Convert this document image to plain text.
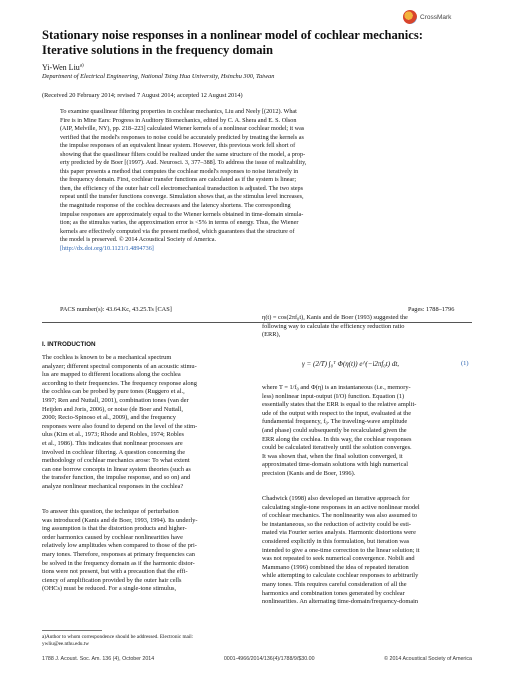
CrossMark
Stationary noise responses in a nonlinear model of cochlear mechanics: Iterative solutions in the frequency domain
Yi-Wen Liu$^{a)}$
Department of Electrical Engineering, National Tsing Hua University, Hsinchu 300, Taiwan
(Received 20 February 2014; revised 7 August 2014; accepted 12 August 2014)
To examine quasilinear filtering properties in cochlear mechanics, Liu and Neely [(2012). What
Fire is in Mine Ears: Progress in Auditory Biomechanics, edited by C. A. Shera and E. S. Olson
(AIP, Melville, NY), pp. 218–223] calculated Wiener kernels of a nonlinear cochlear model; it was
verified that the model's responses to noise could be accurately predicted by treating the kernels as
the impulse responses of an equivalent linear system. However, this previous work fell short of
showing that the quasilinear filters could be realized under the same structure of the model, a prop-
erty predicted by de Boer [(1997). Aud. Neurosci. 3, 377–388]. To address the issue of realizability,
this paper presents a method that computes the cochlear model's responses to noise iteratively in
the frequency domain. First, cochlear transfer functions are calculated as if the system is linear;
then, the efficiency of the outer hair cell electromechanical transduction is adjusted. The two steps
repeat until the transfer functions converge. Simulation shows that, as the stimulus level increases,
the magnitude response of the cochlea decreases and the latency shortens. The corresponding
impulse responses are approximately equal to the Wiener kernels obtained in time-domain simula-
tion; as the stimulus varies, the approximation error is <5% in terms of energy. Thus, the Wiener
kernels are effectively computed via the present method, which guarantees that the structure of
the model is preserved. © 2014 Acoustical Society of America.
[http://dx.doi.org/10.1121/1.4894736]
PACS number(s): 43.64.Kc, 43.25.Ts [CAS]	Pages: 1788–1796
I. INTRODUCTION
The cochlea is known to be a mechanical spectrum
analyzer; different spectral components of an acoustic stimu-
lus are mapped to different locations along the cochlea
according to their frequencies. The frequency response along
the cochlea can be probed by pure tones (Ruggero et al.,
1997; Ren and Nuttall, 2001), combination tones (van der
Heijden and Joris, 2006), or noise (de Boer and Nuttall,
2000; Recio-Spinoso et al., 2009), and the frequency
responses were also found to depend on the level of the stim-
ulus (Kim et al., 1973; Rhode and Robles, 1974; Robles
et al., 1986). This indicates that nonlinear processes are
involved in cochlear filtering. A question concerning the
methodology of cochlear mechanics arose: To what extent
can one borrow concepts in linear system theories (such as
the transfer function, the impulse response, and so on) and
analyze nonlinear mechanical responses in the cochlea?
To answer this question, the technique of perturbation
was introduced (Kanis and de Boer, 1993, 1994). Its underly-
ing assumption is that the distortion products and higher-
order harmonics caused by cochlear nonlinearities have
relatively low amplitudes when compared to those of the pri-
mary tones. Therefore, responses at primary frequencies can
be solved in the frequency domain as if the harmonic distor-
tions were not present, but with a precaution that the effi-
ciency of amplification provided by the outer hair cells
(OHCs) must be reduced. For a single-tone stimulus,
η(t) = cos(2πf₀t), Kanis and de Boer (1993) suggested the
following way to calculate the efficiency reduction ratio
(ERR),
γ = (2/T) ∫₀ᵀ Φ(η(t)) e^(−i2πf₀t) dt,	(1)
where T = 1/f₀ and Φ(η) is an instantaneous (i.e., memory-
less) nonlinear input-output (I/O) function. Equation (1)
essentially states that the ERR is equal to the relative amplit-
ude of the output with respect to the input, evaluated at the
fundamental frequency, f₀. The traveling-wave amplitude
(and phase) could subsequently be recalculated given the
ERR along the cochlea. In this way, the cochlear responses
could be calculated iteratively until the solution converges.
It was shown that, when the final solution converged, it
approximated time-domain solutions with high numerical
precision (Kanis and de Boer, 1996).
Chadwick (1998) also developed an iterative approach for
calculating single-tone responses in an active nonlinear model
of cochlear mechanics. The nonlinearity was also assumed to
be instantaneous, so the reduction of activity could be esti-
mated via Fourier series analysis. Harmonic distortions were
considered explicitly in this formulation, but iteration was
intended to give a one-time correction to the linear solution; it
was not repeated to seek numerical convergence. Nobili and
Mammano (1996) combined the idea of repeated iteration
while attempting to calculate cochlear responses to arbitrarily
many tones. This requires careful consideration of all the
harmonics and combination tones generated by cochlear
nonlinearities. An alternating time-domain/frequency-domain
a)Author to whom correspondence should be addressed. Electronic mail:
ywliu@ee.nthu.edu.tw
1788 J. Acoust. Soc. Am. 136 (4), October 2014	0001-4966/2014/136(4)/1788/9/$30.00	© 2014 Acoustical Society of America
